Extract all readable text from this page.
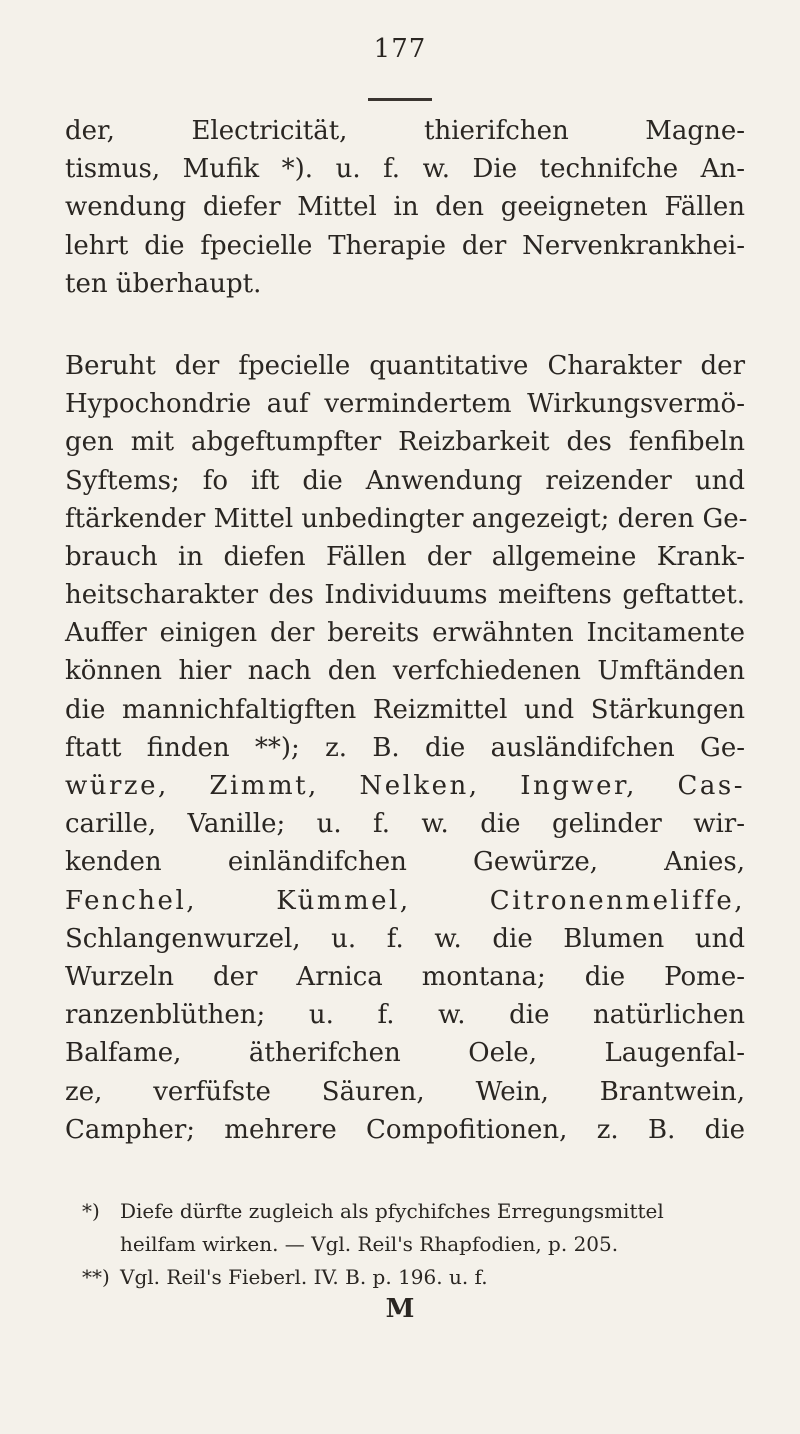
177
der, Electricität, thierifchen Magne-
tismus, Mufik *). u. f. w. Die technifche An-
wendung diefer Mittel in den geeigneten Fällen
lehrt die fpecielle Therapie der Nervenkrankhei-
ten überhaupt.
Beruht der fpecielle quantitative Charakter der
Hypochondrie auf vermindertem Wirkungsvermö-
gen mit abgeftumpfter Reizbarkeit des fenfibeln
Syftems; fo ift die Anwendung reizender und
ftärkender Mittel unbedingter angezeigt; deren Ge-
brauch in diefen Fällen der allgemeine Krank-
heitscharakter des Individuums meiftens geftattet.
Auffer einigen der bereits erwähnten Incitamente
können hier nach den verfchiedenen Umftänden
die mannichfaltigften Reizmittel und Stärkungen
ftatt finden **); z. B. die ausländifchen Ge-
würze, Zimmt, Nelken, Ingwer, Cas-
carille, Vanille; u. f. w. die gelinder wir-
kenden einländifchen Gewürze, Anies,
Fenchel, Kümmel, Citronenmeliffe,
Schlangenwurzel, u. f. w. die Blumen und
Wurzeln der Arnica montana; die Pome-
ranzenblüthen; u. f. w. die natürlichen
Balfame, ätherifchen Oele, Laugenfal-
ze, verfüfste Säuren, Wein, Brantwein,
Campher; mehrere Compofitionen, z. B. die
*) Diefe dürfte zugleich als pfychifches Erregungsmittel
heilfam wirken. — Vgl. Reil's Rhapfodien, p. 205.
**) Vgl. Reil's Fieberl. IV. B. p. 196. u. f.
M
